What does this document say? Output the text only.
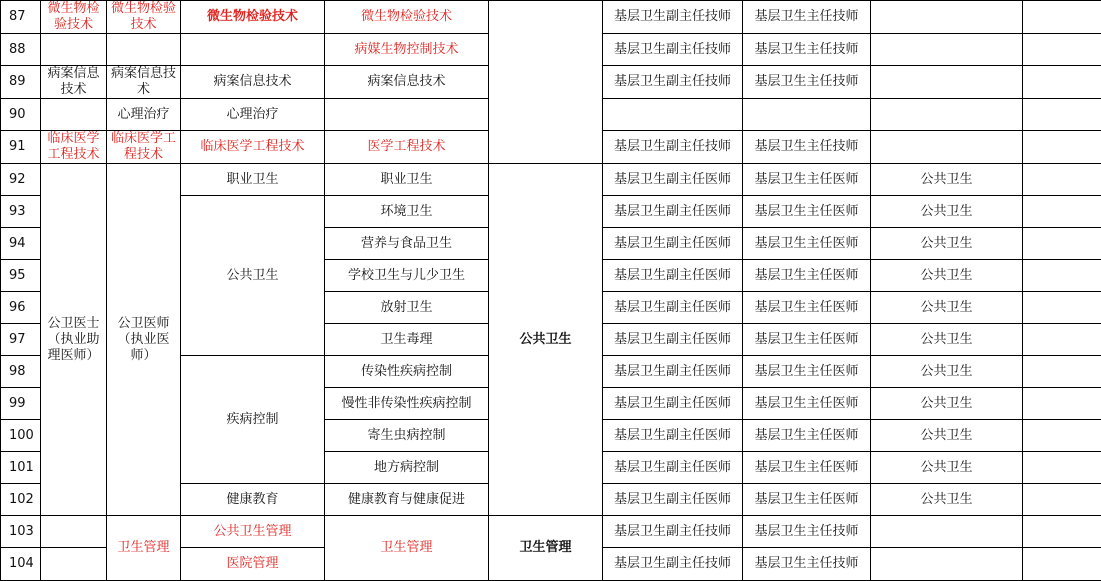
87	微生物检验技术	微生物检验技术	微生物检验技术	微生物检验技术		基层卫生副主任技师	基层卫生主任技师		
88				病媒生物控制技术		基层卫生副主任技师	基层卫生主任技师		
89	病案信息技术	病案信息技术	病案信息技术	病案信息技术		基层卫生副主任技师	基层卫生主任技师		
90		心理治疗	心理治疗						
91	临床医学工程技术	临床医学工程技术	临床医学工程技术	医学工程技术		基层卫生副主任技师	基层卫生主任技师		
92	公卫医士（执业助理医师）	公卫医师（执业医师）	职业卫生	职业卫生	公共卫生	基层卫生副主任医师	基层卫生主任医师	公共卫生	
93			公共卫生	环境卫生		基层卫生副主任医师	基层卫生主任医师	公共卫生	
94				营养与食品卫生		基层卫生副主任医师	基层卫生主任医师	公共卫生	
95				学校卫生与儿少卫生		基层卫生副主任医师	基层卫生主任医师	公共卫生	
96				放射卫生		基层卫生副主任医师	基层卫生主任医师	公共卫生	
97				卫生毒理		基层卫生副主任医师	基层卫生主任医师	公共卫生	
98			疾病控制	传染性疾病控制		基层卫生副主任医师	基层卫生主任医师	公共卫生	
99				慢性非传染性疾病控制		基层卫生副主任医师	基层卫生主任医师	公共卫生	
100				寄生虫病控制		基层卫生副主任医师	基层卫生主任医师	公共卫生	
101				地方病控制		基层卫生副主任医师	基层卫生主任医师	公共卫生	
102			健康教育	健康教育与健康促进		基层卫生副主任医师	基层卫生主任医师	公共卫生	
103		卫生管理	公共卫生管理	卫生管理	卫生管理	基层卫生副主任技师	基层卫生主任技师		
104			医院管理			基层卫生副主任技师	基层卫生主任技师		
